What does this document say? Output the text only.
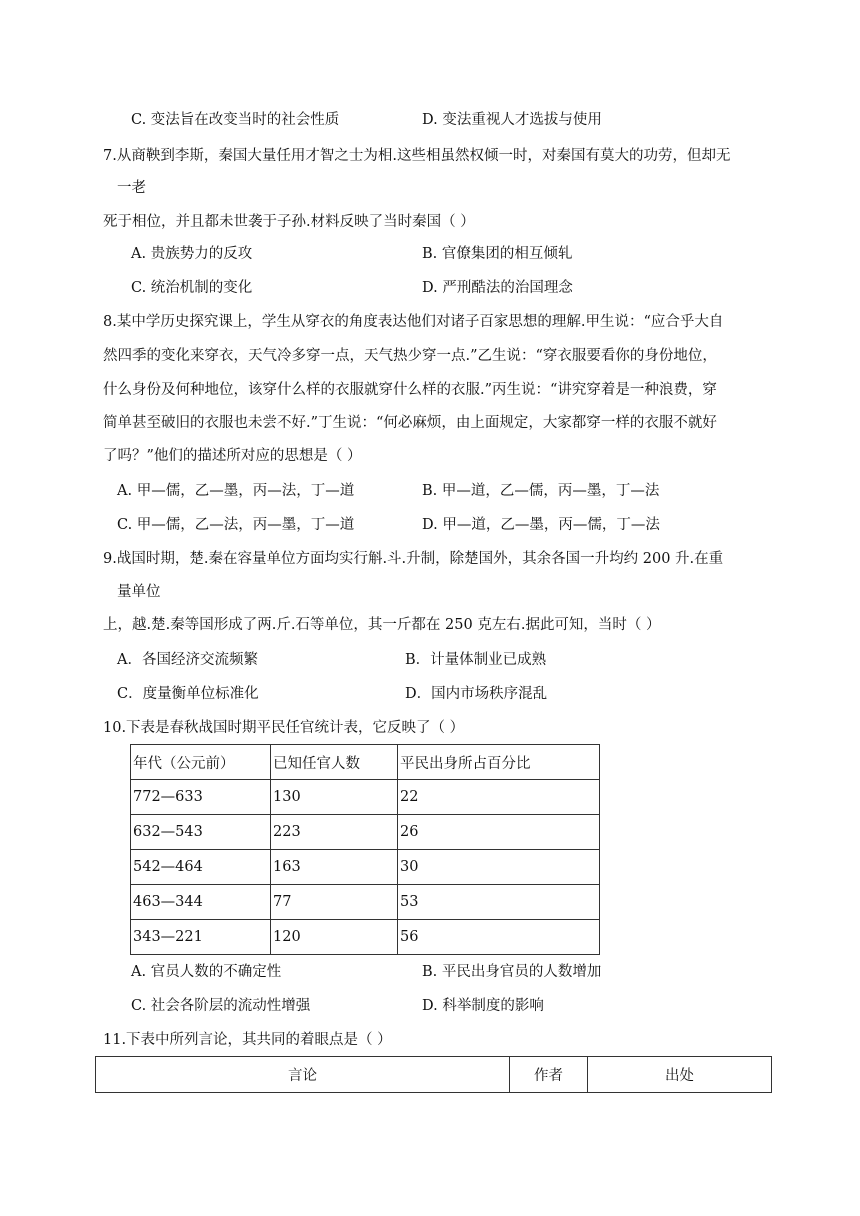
C. 变法旨在改变当时的社会性质	D. 变法重视人才选拔与使用
7.从商鞅到李斯，秦国大量任用才智之士为相.这些相虽然权倾一时，对秦国有莫大的功劳，但却无
一老
死于相位，并且都未世袭于子孙.材料反映了当时秦国（ ）
A. 贵族势力的反攻	B. 官僚集团的相互倾轧
C. 统治机制的变化	D. 严刑酷法的治国理念
8.某中学历史探究课上，学生从穿衣的角度表达他们对诸子百家思想的理解.甲生说：“应合乎大自
然四季的变化来穿衣，天气冷多穿一点，天气热少穿一点.”乙生说：“穿衣服要看你的身份地位，
什么身份及何种地位，该穿什么样的衣服就穿什么样的衣服.”丙生说：“讲究穿着是一种浪费，穿
简单甚至破旧的衣服也未尝不好.”丁生说：“何必麻烦，由上面规定，大家都穿一样的衣服不就好
了吗？”他们的描述所对应的思想是（ ）
A. 甲—儒，乙—墨，丙—法，丁—道	B. 甲—道，乙—儒，丙—墨，丁—法
C. 甲—儒，乙—法，丙—墨，丁—道	D. 甲—道，乙—墨，丙—儒，丁—法
9.战国时期，楚.秦在容量单位方面均实行斛.斗.升制，除楚国外，其余各国一升均约 200 升.在重
量单位
上，越.楚.秦等国形成了两.斤.石等单位，其一斤都在 250 克左右.据此可知，当时（ ）
A．各国经济交流频繁	B．计量体制业已成熟
C．度量衡单位标准化	D．国内市场秩序混乱
10.下表是春秋战国时期平民任官统计表，它反映了（ ）
年代（公元前）	已知任官人数	平民出身所占百分比
772—633	130	22
632—543	223	26
542—464	163	30
463—344	77	53
343—221	120	56
A. 官员人数的不确定性	B. 平民出身官员的人数增加
C. 社会各阶层的流动性增强	D. 科举制度的影响
11.下表中所列言论，其共同的着眼点是（ ）
言论	作者	出处
